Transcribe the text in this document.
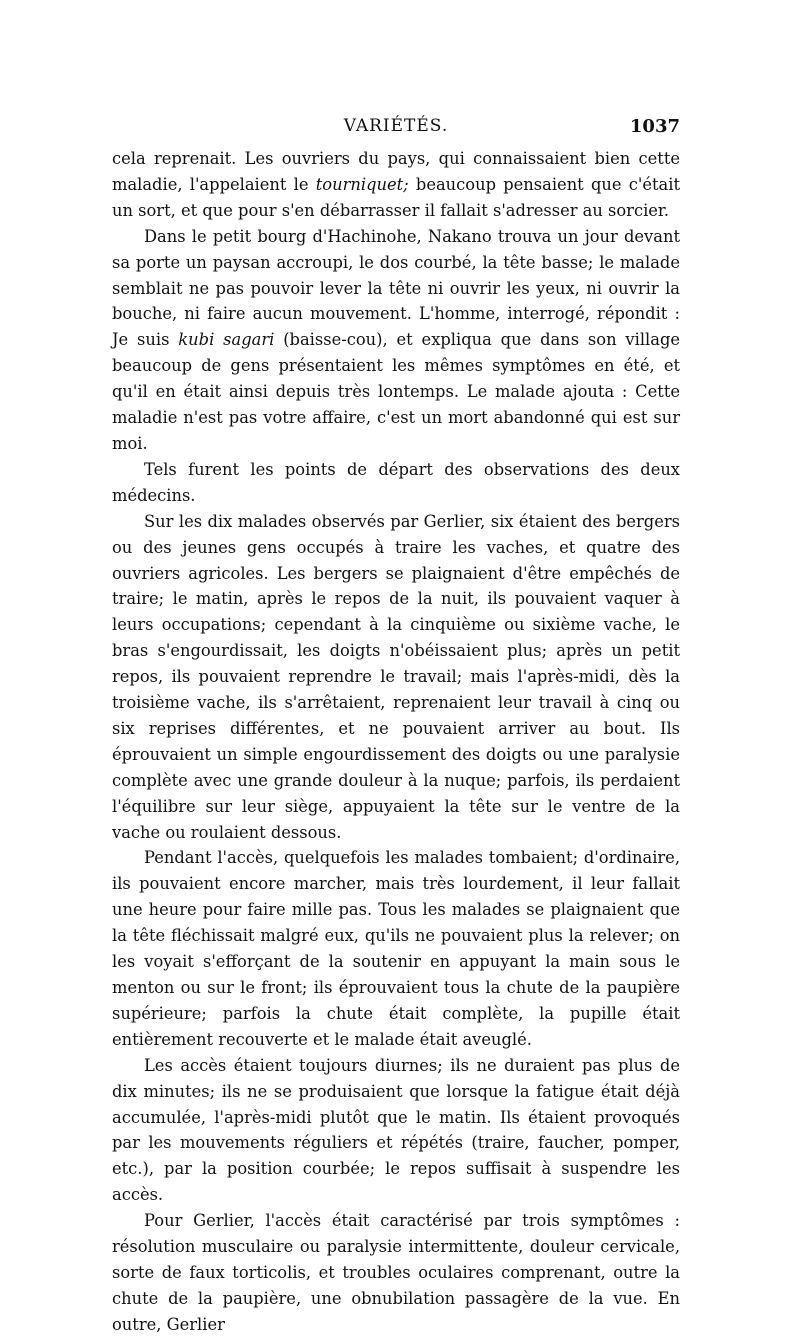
VARIÉTÉS.	1037

cela reprenait. Les ouvriers du pays, qui connaissaient bien cette maladie, l'appelaient le tourniquet; beaucoup pensaient que c'était un sort, et que pour s'en débarrasser il fallait s'adresser au sorcier.

Dans le petit bourg d'Hachinohe, Nakano trouva un jour devant sa porte un paysan accroupi, le dos courbé, la tête basse; le malade semblait ne pas pouvoir lever la tête ni ouvrir les yeux, ni ouvrir la bouche, ni faire aucun mouvement. L'homme, interrogé, répondit : Je suis kubi sagari (baisse-cou), et expliqua que dans son village beaucoup de gens présentaient les mêmes symptômes en été, et qu'il en était ainsi depuis très lontemps. Le malade ajouta : Cette maladie n'est pas votre affaire, c'est un mort abandonné qui est sur moi.

Tels furent les points de départ des observations des deux médecins.

Sur les dix malades observés par Gerlier, six étaient des bergers ou des jeunes gens occupés à traire les vaches, et quatre des ouvriers agricoles. Les bergers se plaignaient d'être empêchés de traire; le matin, après le repos de la nuit, ils pouvaient vaquer à leurs occupations; cependant à la cinquième ou sixième vache, le bras s'engourdissait, les doigts n'obéissaient plus; après un petit repos, ils pouvaient reprendre le travail; mais l'après-midi, dès la troisième vache, ils s'arrêtaient, reprenaient leur travail à cinq ou six reprises différentes, et ne pouvaient arriver au bout. Ils éprouvaient un simple engourdissement des doigts ou une paralysie complète avec une grande douleur à la nuque; parfois, ils perdaient l'équilibre sur leur siège, appuyaient la tête sur le ventre de la vache ou roulaient dessous.

Pendant l'accès, quelquefois les malades tombaient; d'ordinaire, ils pouvaient encore marcher, mais très lourdement, il leur fallait une heure pour faire mille pas. Tous les malades se plaignaient que la tête fléchissait malgré eux, qu'ils ne pouvaient plus la relever; on les voyait s'efforçant de la soutenir en appuyant la main sous le menton ou sur le front; ils éprouvaient tous la chute de la paupière supérieure; parfois la chute était complète, la pupille était entièrement recouverte et le malade était aveuglé.

Les accès étaient toujours diurnes; ils ne duraient pas plus de dix minutes; ils ne se produisaient que lorsque la fatigue était déjà accumulée, l'après-midi plutôt que le matin. Ils étaient provoqués par les mouvements réguliers et répétés (traire, faucher, pomper, etc.), par la position courbée; le repos suffisait à suspendre les accès.

Pour Gerlier, l'accès était caractérisé par trois symptômes : résolution musculaire ou paralysie intermittente, douleur cervicale, sorte de faux torticolis, et troubles oculaires comprenant, outre la chute de la paupière, une obnubilation passagère de la vue. En outre, Gerlier
